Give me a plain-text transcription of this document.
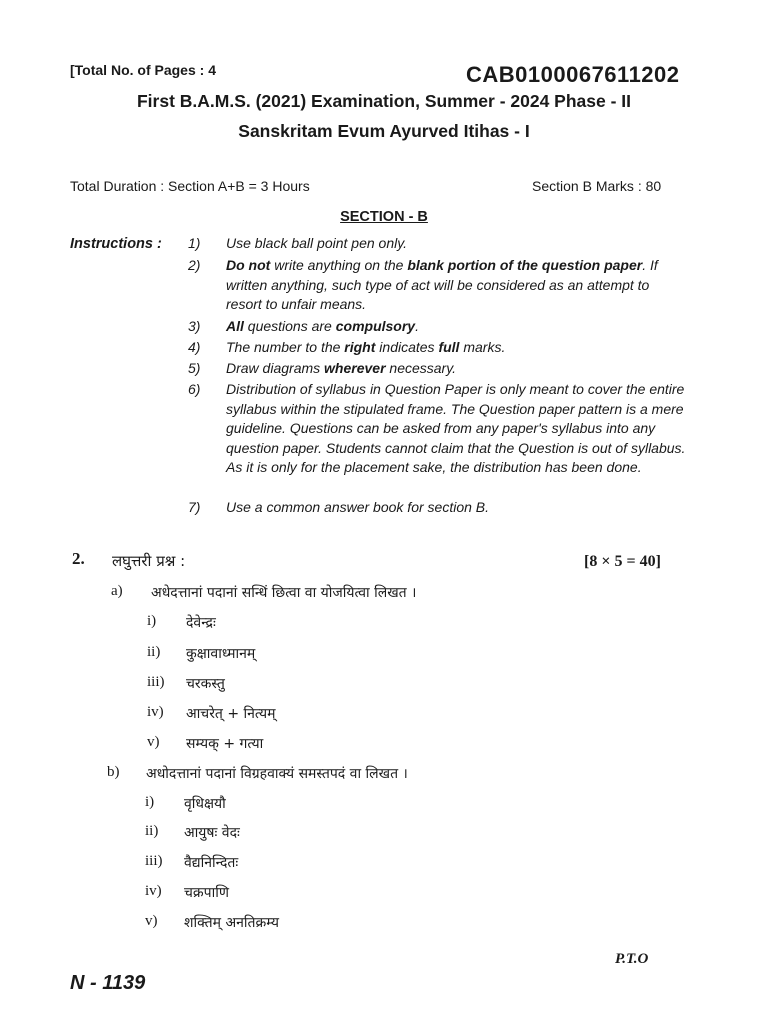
[Total No. of Pages : 4	CAB0100067611202
First B.A.M.S. (2021) Examination, Summer - 2024 Phase - II
Sanskritam Evum Ayurved Itihas - I
Total Duration : Section A+B = 3 Hours	Section B Marks : 80
SECTION - B
Instructions : 1)	Use black ball point pen only.
2)	Do not write anything on the blank portion of the question paper. If written anything, such type of act will be considered as an attempt to resort to unfair means.
3)	All questions are compulsory.
4)	The number to the right indicates full marks.
5)	Draw diagrams wherever necessary.
6)	Distribution of syllabus in Question Paper is only meant to cover the entire syllabus within the stipulated frame. The Question paper pattern is a mere guideline. Questions can be asked from any paper's syllabus into any question paper. Students cannot claim that the Question is out of syllabus. As it is only for the placement sake, the distribution has been done.
7)	Use a common answer book for section B.
2. लघुत्तरी प्रश्न :	[8 × 5 = 40]
a) अधेदत्तानां पदानां सन्धिं छित्वा वा योजयित्वा लिखत ।
i) देवेन्द्रः
ii) कुक्षावाध्मानम्
iii) चरकस्तु
iv) आचरेत् + नित्यम्
v) सम्यक् + गत्या
b) अधोदत्तानां पदानां विग्रहवाक्यं समस्तपदं वा लिखत ।
i) वृधिक्षयौ
ii) आयुषः वेदः
iii) वैद्यनिन्दितः
iv) चक्रपाणि
v) शक्तिम् अनतिक्रम्य
P.T.O
N - 1139
